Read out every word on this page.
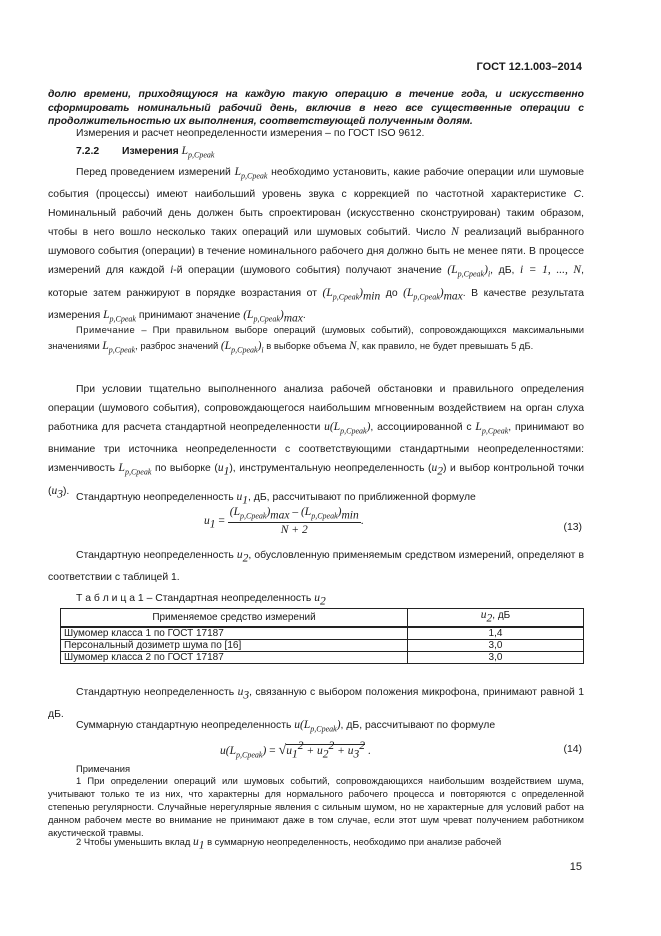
ГОСТ 12.1.003–2014
долю времени, приходящуюся на каждую такую операцию в течение года, и искусственно сформировать номинальный рабочий день, включив в него все существенные операции с продолжительностью их выполнения, соответствующей полученным долям.
Измерения и расчет неопределенности измерения – по ГОСТ ISO 9612.
7.2.2 Измерения $L_{p,Cpeak}$
Перед проведением измерений $L_{p,Cpeak}$ необходимо установить, какие рабочие операции или шумовые события (процессы) имеют наибольший уровень звука с коррекцией по частотной характеристике С. Номинальный рабочий день должен быть спроектирован (искусственно сконструирован) таким образом, чтобы в него вошло несколько таких операций или шумовых событий. Число N реализаций выбранного шумового события (операции) в течение номинального рабочего дня должно быть не менее пяти. В процессе измерений для каждой i-й операции (шумового события) получают значение $(L_{p,Cpeak})_i$, дБ, i = 1, ..., N, которые затем ранжируют в порядке возрастания от $(L_{p,Cpeak})_{min}$ до $(L_{p,Cpeak})_{max}$. В качестве результата измерения $L_{p,Cpeak}$ принимают значение $(L_{p,Cpeak})_{max}$.
Примечание – При правильном выборе операций (шумовых событий), сопровождающихся максимальными значениями $L_{p,Cpeak}$, разброс значений $(L_{p,Cpeak})_i$ в выборке объема N, как правило, не будет превышать 5 дБ.
При условии тщательно выполненного анализа рабочей обстановки и правильного определения операции (шумового события), сопровождающегося наибольшим мгновенным воздействием на орган слуха работника для расчета стандартной неопределенности $u(L_{p,Cpeak})$, ассоциированной с $L_{p,Cpeak}$, принимают во внимание три источника неопределенности с соответствующими стандартными неопределенностями: изменчивость $L_{p,Cpeak}$ по выборке $(u_1)$, инструментальную неопределенность $(u_2)$ и выбор контрольной точки $(u_3)$.
Стандартную неопределенность $u_1$, дБ, рассчитывают по приближенной формуле
$u_1 = \frac{(L_{p,Cpeak})_{max} - (L_{p,Cpeak})_{min}}{N + 2}$ .
(13)
Стандартную неопределенность $u_2$, обусловленную применяемым средством измерений, определяют в соответствии с таблицей 1.
Т а б л и ц а 1 – Стандартная неопределенность $u_2$
Применяемое средство измерений	$u_2$, дБ
Шумомер класса 1 по ГОСТ 17187	1,4
Персональный дозиметр шума по [16]	3,0
Шумомер класса 2 по ГОСТ 17187	3,0
Стандартную неопределенность $u_3$, связанную с выбором положения микрофона, принимают равной 1 дБ.
Суммарную стандартную неопределенность $u(L_{p,Cpeak})$, дБ, рассчитывают по формуле
$u(L_{p,Cpeak}) = √u_1^2 + u_2^2 + u_3^2$ .	(14)
Примечания
1 При определении операций или шумовых событий, сопровождающихся наибольшим воздействием шума, учитывают только те из них, что характерны для нормального рабочего процесса и повторяются с определенной степенью регулярности. Случайные нерегулярные явления с сильным шумом, но не характерные для условий работ на данном рабочем месте во внимание не принимают даже в том случае, если этот шум чреват получением работником акустической травмы.
2 Чтобы уменьшить вклад $u_1$ в суммарную неопределенность, необходимо при анализе рабочей
15
